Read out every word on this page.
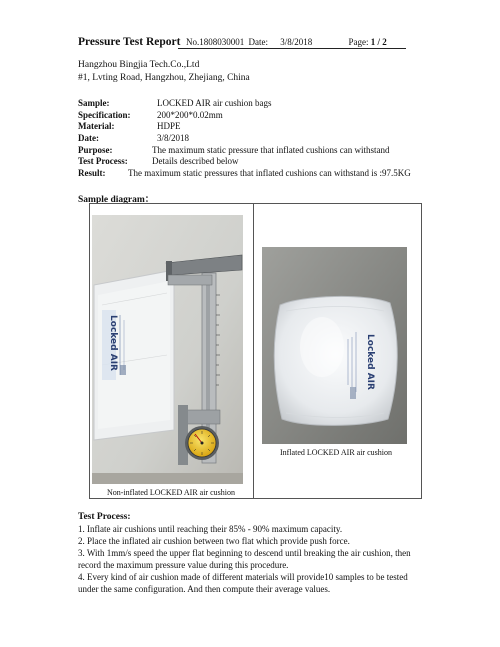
Pressure Test Report No.1808030001 Date: 3/8/2018	Page: 1 / 2
Hangzhou Bingjia Tech.Co.,Ltd
#1, Lvting Road, Hangzhou, Zhejiang, China
Sample:	LOCKED AIR air cushion bags
Specification:	200*200*0.02mm
Material:	HDPE
Date:	3/8/2018
Purpose:	The maximum static pressure that inflated cushions can withstand
Test Process:	Details described below
Result:	The maximum static pressures that inflated cushions can withstand is :97.5KG
Sample diagram：
Locked AIR
Non-inflated LOCKED AIR air cushion
Locked AIR
Inflated LOCKED AIR air cushion
Test Process:
1. Inflate air cushions until reaching their 85% - 90% maximum capacity.
2. Place the inflated air cushion between two flat which provide push force.
3. With 1mm/s speed the upper flat beginning to descend until breaking the air cushion, then record the maximum pressure value during this procedure.
4. Every kind of air cushion made of different materials will provide10 samples to be tested under the same configuration. And then compute their average values.
